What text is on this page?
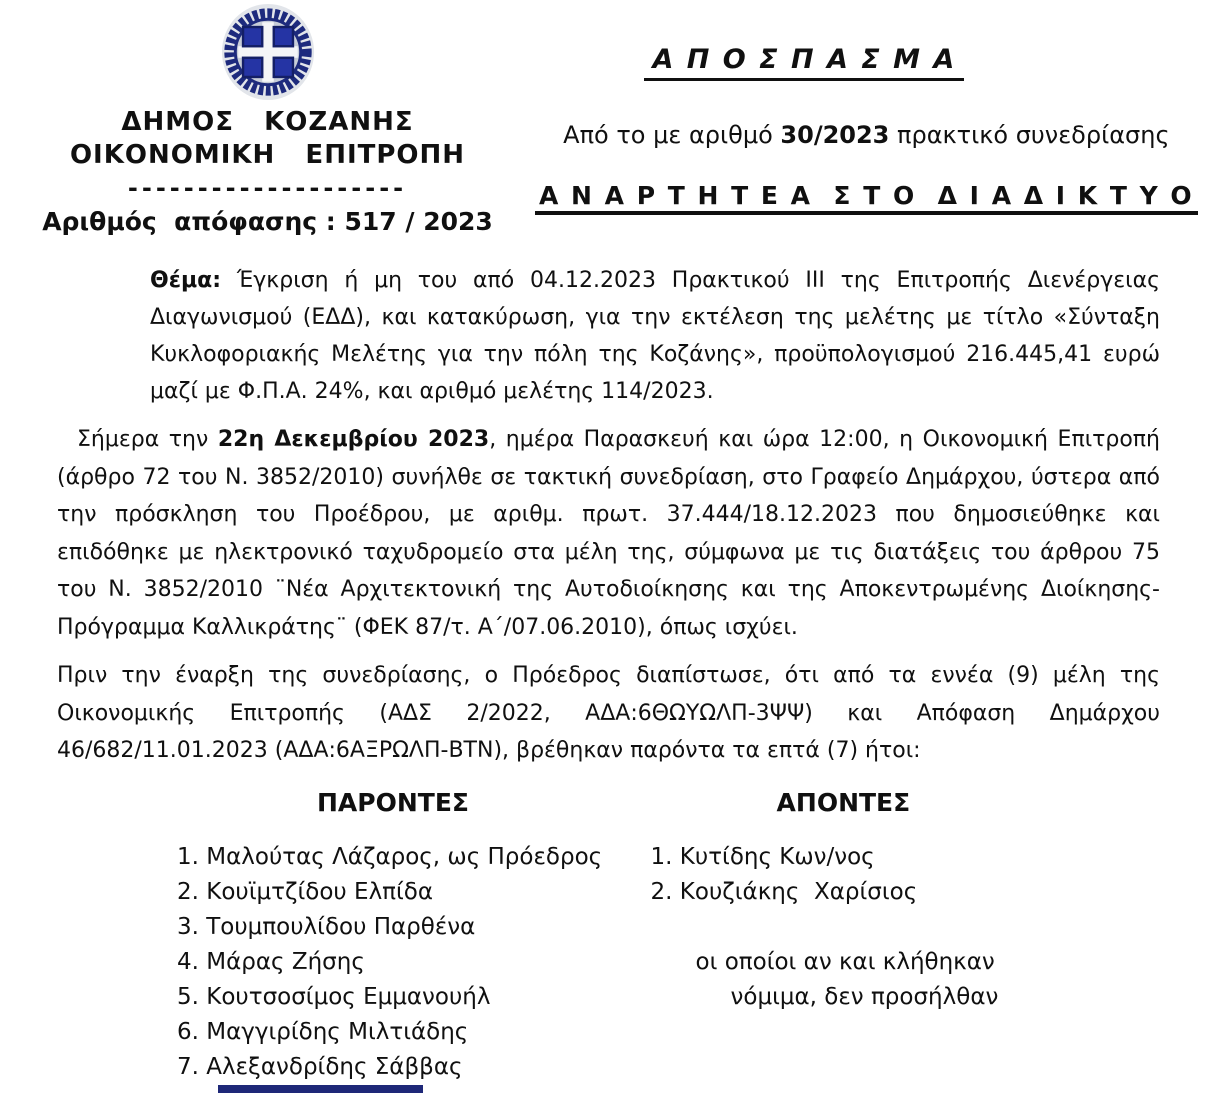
ΔΗΜΟΣ   ΚΟΖΑΝΗΣ
ΟΙΚΟΝΟΜΙΚΗ   ΕΠΙΤΡΟΠΗ
--------------------
Αριθμός  απόφασης : 517 / 2023
Α Π Ο Σ Π Α Σ Μ Α
Από το με αριθμό 30/2023 πρακτικό συνεδρίασης
Α Ν Α Ρ Τ Η Τ Ε Α  Σ Τ Ο  Δ Ι Α Δ Ι Κ Τ Υ Ο

Θέμα: Έγκριση ή μη του από 04.12.2023 Πρακτικού ΙΙΙ της Επιτροπής Διενέργειας Διαγωνισμού (ΕΔΔ), και κατακύρωση, για την εκτέλεση της μελέτης με τίτλο «Σύνταξη Κυκλοφοριακής Μελέτης για την πόλη της Κοζάνης», προϋπολογισμού 216.445,41 ευρώ μαζί με Φ.Π.Α. 24%, και αριθμό μελέτης 114/2023.

Σήμερα την 22η Δεκεμβρίου 2023, ημέρα Παρασκευή και ώρα 12:00, η Οικονομική Επιτροπή (άρθρο 72 του Ν. 3852/2010) συνήλθε σε τακτική συνεδρίαση, στο Γραφείο Δημάρχου, ύστερα από την πρόσκληση του Προέδρου, με αριθμ. πρωτ. 37.444/18.12.2023 που δημοσιεύθηκε και επιδόθηκε με ηλεκτρονικό ταχυδρομείο στα μέλη της, σύμφωνα με τις διατάξεις του άρθρου 75 του Ν. 3852/2010 ¨Νέα Αρχιτεκτονική της Αυτοδιοίκησης και της Αποκεντρωμένης Διοίκησης-Πρόγραμμα Καλλικράτης¨ (ΦΕΚ 87/τ. Α΄/07.06.2010), όπως ισχύει.

Πριν την έναρξη της συνεδρίασης, ο Πρόεδρος διαπίστωσε, ότι από τα εννέα (9) μέλη της Οικονομικής Επιτροπής (ΑΔΣ 2/2022, ΑΔΑ:6ΘΩΥΩΛΠ-3ΨΨ) και Απόφαση Δημάρχου 46/682/11.01.2023 (ΑΔΑ:6ΑΞΡΩΛΠ-ΒΤΝ), βρέθηκαν παρόντα τα επτά (7) ήτοι:

ΠΑΡΟΝΤΕΣ
1. Μαλούτας Λάζαρος, ως Πρόεδρος
2. Κουϊμτζίδου Ελπίδα
3. Τουμπουλίδου Παρθένα
4. Μάρας Ζήσης
5. Κουτσοσίμος Εμμανουήλ
6. Μαγγιρίδης Μιλτιάδης
7. Αλεξανδρίδης Σάββας
ΑΠΟΝΤΕΣ
1. Κυτίδης Κων/νος
2. Κουζιάκης  Χαρίσιος
οι οποίοι αν και κλήθηκαν
νόμιμα, δεν προσήλθαν
